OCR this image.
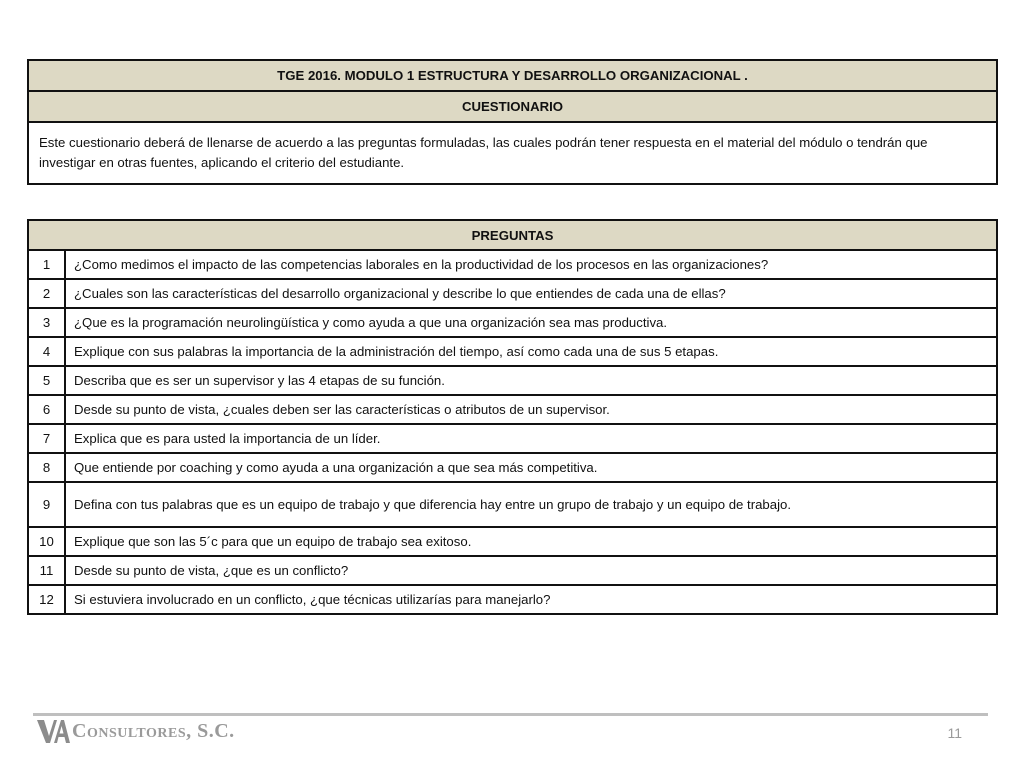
TGE 2016. MODULO 1 ESTRUCTURA Y DESARROLLO ORGANIZACIONAL .
CUESTIONARIO
Este cuestionario deberá de llenarse de acuerdo a las preguntas formuladas, las cuales podrán tener respuesta en el material del módulo o tendrán que investigar en otras fuentes, aplicando el criterio del estudiante.
PREGUNTAS	
1	¿Como medimos el impacto de las competencias laborales en la productividad de los procesos en las organizaciones?
2	¿Cuales son las características del desarrollo organizacional y describe lo que entiendes de cada una de ellas?
3	¿Que es la programación neurolingüística y como ayuda a que una organización sea mas productiva.
4	Explique con sus palabras la importancia de la administración del tiempo, así como cada una de sus 5 etapas.
5	Describa que es ser un supervisor y las 4 etapas de su función.
6	Desde su punto de vista, ¿cuales deben ser las características o atributos de un supervisor.
7	Explica que es para usted la importancia de un líder.
8	Que entiende por coaching y como ayuda a una organización a que sea más competitiva.
9	Defina con tus palabras que es un equipo de trabajo y que diferencia hay entre un grupo de trabajo y un equipo de trabajo.
10	Explique que son las 5´c para que un equipo de trabajo sea exitoso.
11	Desde su punto de vista, ¿que es un conflicto?
12	Si estuviera involucrado en un conflicto, ¿que técnicas utilizarías para manejarlo?
Consultores, S.C.	11
